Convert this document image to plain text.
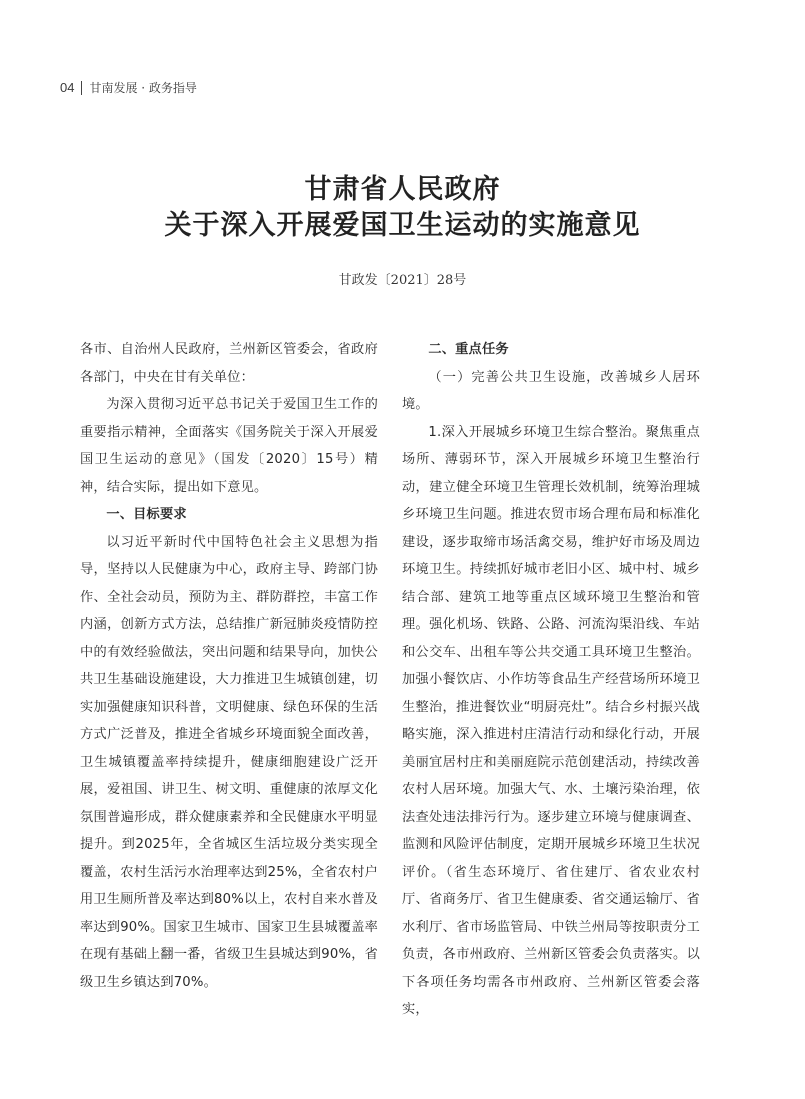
04 甘南发展 · 政务指导
甘肃省人民政府
关于深入开展爱国卫生运动的实施意见
甘政发〔2021〕28号

各市、自治州人民政府，兰州新区管委会，省政府各部门，中央在甘有关单位：

为深入贯彻习近平总书记关于爱国卫生工作的重要指示精神，全面落实《国务院关于深入开展爱国卫生运动的意见》（国发〔2020〕15号）精神，结合实际，提出如下意见。

一、目标要求

以习近平新时代中国特色社会主义思想为指导，坚持以人民健康为中心，政府主导、跨部门协作、全社会动员，预防为主、群防群控，丰富工作内涵，创新方式方法，总结推广新冠肺炎疫情防控中的有效经验做法，突出问题和结果导向，加快公共卫生基础设施建设，大力推进卫生城镇创建，切实加强健康知识科普，文明健康、绿色环保的生活方式广泛普及，推进全省城乡环境面貌全面改善，卫生城镇覆盖率持续提升，健康细胞建设广泛开展，爱祖国、讲卫生、树文明、重健康的浓厚文化氛围普遍形成，群众健康素养和全民健康水平明显提升。到2025年，全省城区生活垃圾分类实现全覆盖，农村生活污水治理率达到25%，全省农村户用卫生厕所普及率达到80%以上，农村自来水普及率达到90%。国家卫生城市、国家卫生县城覆盖率在现有基础上翻一番，省级卫生县城达到90%，省级卫生乡镇达到70%。

二、重点任务

（一）完善公共卫生设施，改善城乡人居环境。

1.深入开展城乡环境卫生综合整治。聚焦重点场所、薄弱环节，深入开展城乡环境卫生整治行动，建立健全环境卫生管理长效机制，统筹治理城乡环境卫生问题。推进农贸市场合理布局和标准化建设，逐步取缔市场活禽交易，维护好市场及周边环境卫生。持续抓好城市老旧小区、城中村、城乡结合部、建筑工地等重点区域环境卫生整治和管理。强化机场、铁路、公路、河流沟渠沿线、车站和公交车、出租车等公共交通工具环境卫生整治。加强小餐饮店、小作坊等食品生产经营场所环境卫生整治，推进餐饮业“明厨亮灶”。结合乡村振兴战略实施，深入推进村庄清洁行动和绿化行动，开展美丽宜居村庄和美丽庭院示范创建活动，持续改善农村人居环境。加强大气、水、土壤污染治理，依法查处违法排污行为。逐步建立环境与健康调查、监测和风险评估制度，定期开展城乡环境卫生状况评价。（省生态环境厅、省住建厅、省农业农村厅、省商务厅、省卫生健康委、省交通运输厅、省水利厅、省市场监管局、中铁兰州局等按职责分工负责，各市州政府、兰州新区管委会负责落实。以下各项任务均需各市州政府、兰州新区管委会落实，
